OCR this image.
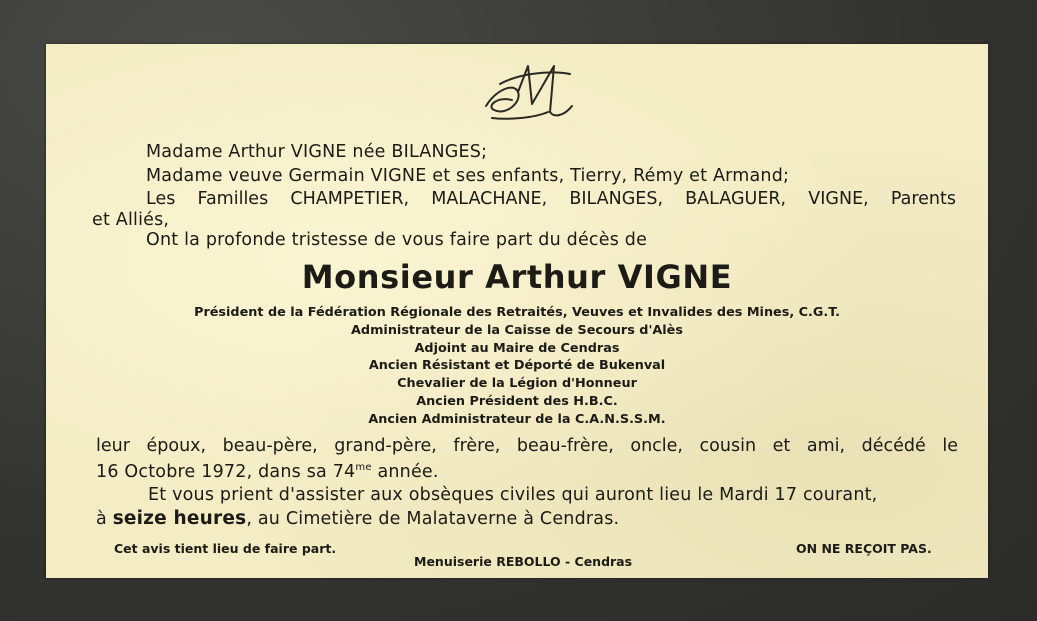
Madame Arthur VIGNE née BILANGES;
Madame veuve Germain VIGNE et ses enfants, Tierry, Rémy et Armand;
Les Familles CHAMPETIER, MALACHANE, BILANGES, BALAGUER, VIGNE, Parents
et Alliés,
Ont la profonde tristesse de vous faire part du décès de
Monsieur Arthur VIGNE
Président de la Fédération Régionale des Retraités, Veuves et Invalides des Mines, C.G.T.
Administrateur de la Caisse de Secours d'Alès
Adjoint au Maire de Cendras
Ancien Résistant et Déporté de Bukenval
Chevalier de la Légion d'Honneur
Ancien Président des H.B.C.
Ancien Administrateur de la C.A.N.S.S.M.
leur époux, beau-père, grand-père, frère, beau-frère, oncle, cousin et ami, décédé le
16 Octobre 1972, dans sa $74^{me}$ année.
Et vous prient d'assister aux obsèques civiles qui auront lieu le Mardi 17 courant,
à seize heures, au Cimetière de Malataverne à Cendras.
Cet avis tient lieu de faire part.
Menuiserie REBOLLO - Cendras
ON NE REÇOIT PAS.
